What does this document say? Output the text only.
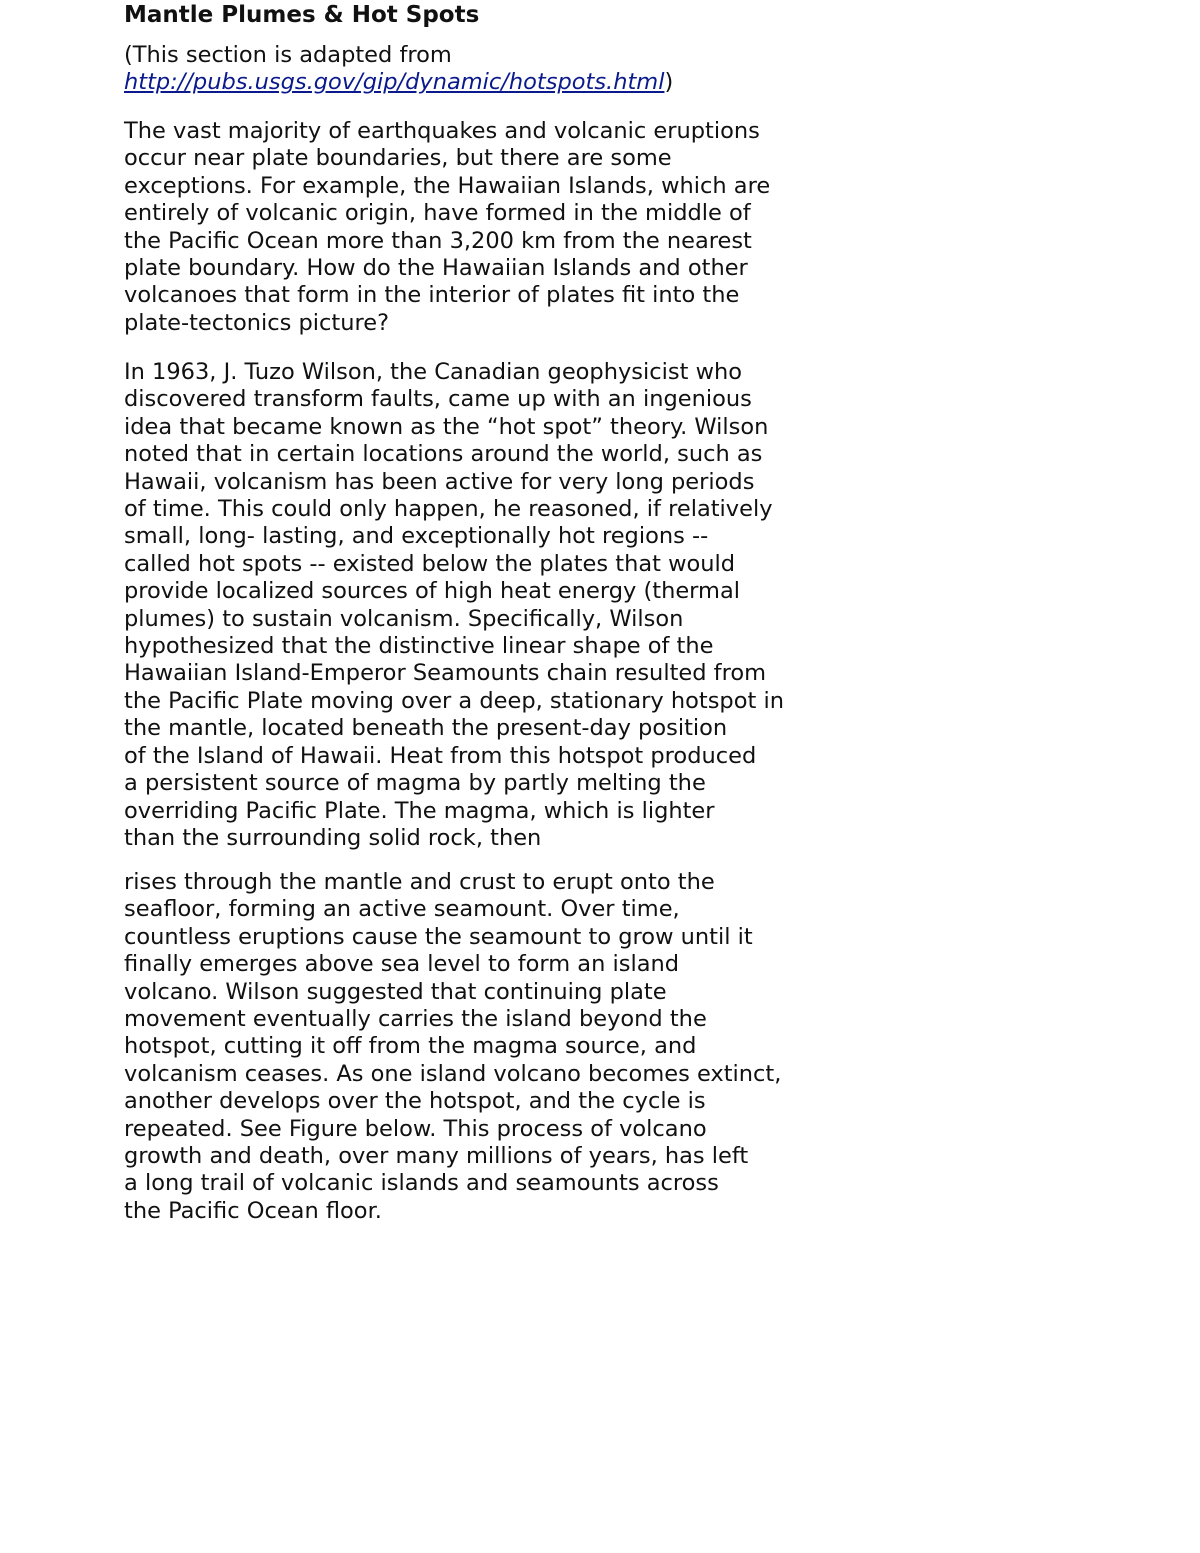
Mantle Plumes & Hot Spots
(This section is adapted from
http://pubs.usgs.gov/gip/dynamic/hotspots.html)
The vast majority of earthquakes and volcanic eruptions
occur near plate boundaries, but there are some
exceptions. For example, the Hawaiian Islands, which are
entirely of volcanic origin, have formed in the middle of
the Pacific Ocean more than 3,200 km from the nearest
plate boundary. How do the Hawaiian Islands and other
volcanoes that form in the interior of plates fit into the
plate-tectonics picture?
In 1963, J. Tuzo Wilson, the Canadian geophysicist who
discovered transform faults, came up with an ingenious
idea that became known as the “hot spot” theory. Wilson
noted that in certain locations around the world, such as
Hawaii, volcanism has been active for very long periods
of time. This could only happen, he reasoned, if relatively
small, long- lasting, and exceptionally hot regions --
called hot spots -- existed below the plates that would
provide localized sources of high heat energy (thermal
plumes) to sustain volcanism. Specifically, Wilson
hypothesized that the distinctive linear shape of the
Hawaiian Island-Emperor Seamounts chain resulted from
the Pacific Plate moving over a deep, stationary hotspot in
the mantle, located beneath the present-day position
of the Island of Hawaii. Heat from this hotspot produced
a persistent source of magma by partly melting the
overriding Pacific Plate. The magma, which is lighter
than the surrounding solid rock, then
rises through the mantle and crust to erupt onto the
seafloor, forming an active seamount. Over time,
countless eruptions cause the seamount to grow until it
finally emerges above sea level to form an island
volcano. Wilson suggested that continuing plate
movement eventually carries the island beyond the
hotspot, cutting it off from the magma source, and
volcanism ceases. As one island volcano becomes extinct,
another develops over the hotspot, and the cycle is
repeated. See Figure below. This process of volcano
growth and death, over many millions of years, has left
a long trail of volcanic islands and seamounts across
the Pacific Ocean floor.
